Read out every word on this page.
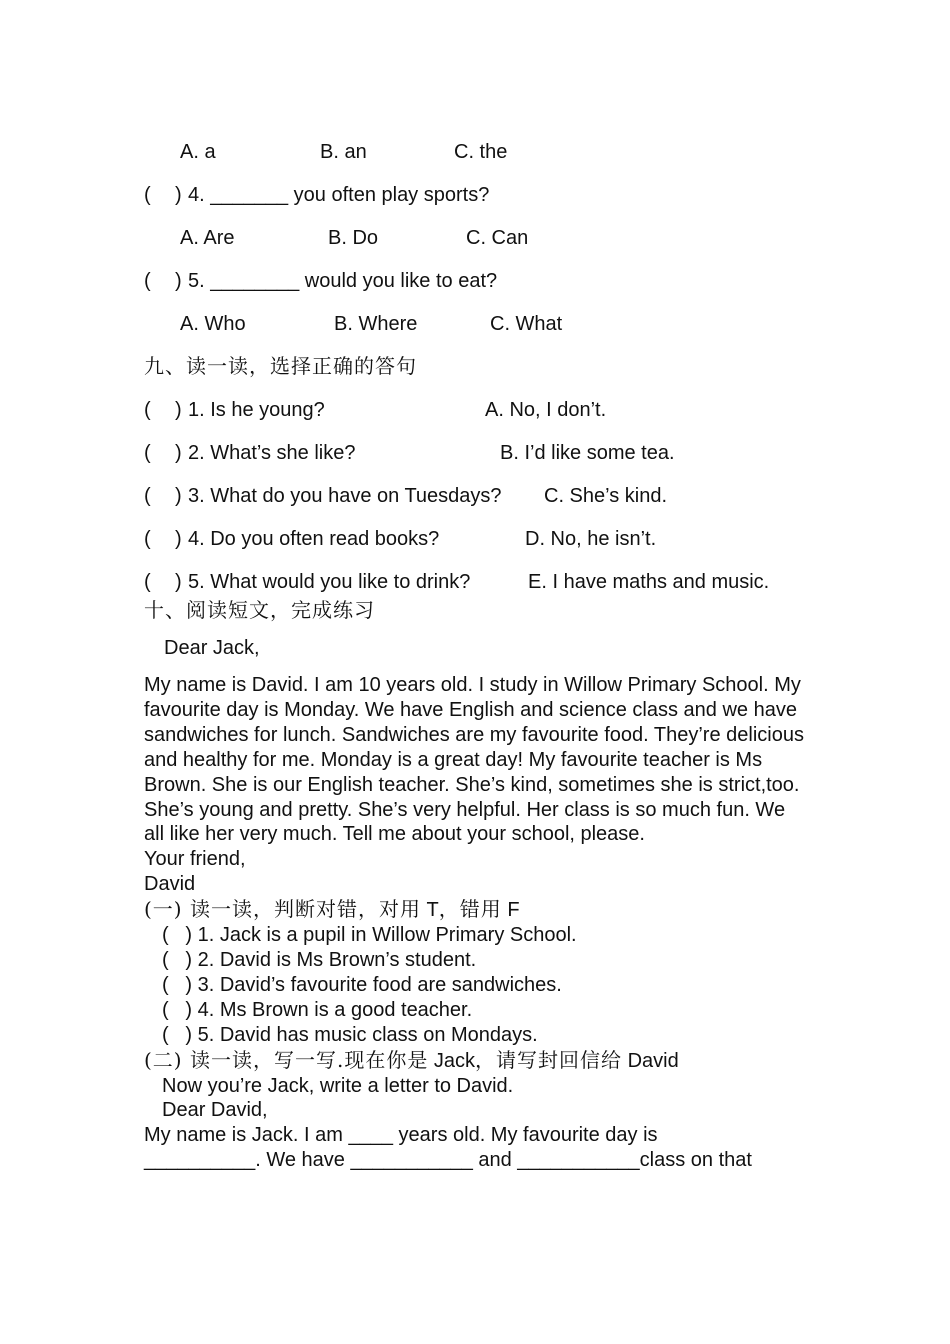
A. a	B. an	C. the
( ) 4. _______ you often play sports?
A. Are	B. Do	C. Can
( ) 5. ________ would you like to eat?
A. Who	B. Where	C. What
九、读一读，选择正确的答句
( ) 1. Is he young?	A. No, I don’t.
( ) 2. What’s she like?	B. I’d like some tea.
( ) 3. What do you have on Tuesdays? C. She’s kind.
( ) 4. Do you often read books?	D. No, he isn’t.
( ) 5. What would you like to drink?	E. I have maths and music.
十、阅读短文，完成练习
Dear Jack,

My name is David. I am 10 years old. I study in Willow Primary School. My favourite day is Monday. We have English and science class and we have sandwiches for lunch. Sandwiches are my favourite food. They’re delicious and healthy for me. Monday is a great day! My favourite teacher is Ms Brown. She is our English teacher. She’s kind, sometimes she is strict,too. She’s young and pretty. She’s very helpful. Her class is so much fun. We all like her very much. Tell me about your school, please.

Your friend,

David

(一) 读一读，判断对错，对用 T，错用 F

( ) 1. Jack is a pupil in Willow Primary School.

( ) 2. David is Ms Brown’s student.

( ) 3. David’s favourite food are sandwiches.

( ) 4. Ms Brown is a good teacher.

( ) 5. David has music class on Mondays.

(二) 读一读，写一写.现在你是 Jack，请写封回信给 David

Now you’re Jack, write a letter to David.

Dear David,

My name is Jack. I am ____ years old. My favourite day is

__________. We have ___________ and ___________class on that
